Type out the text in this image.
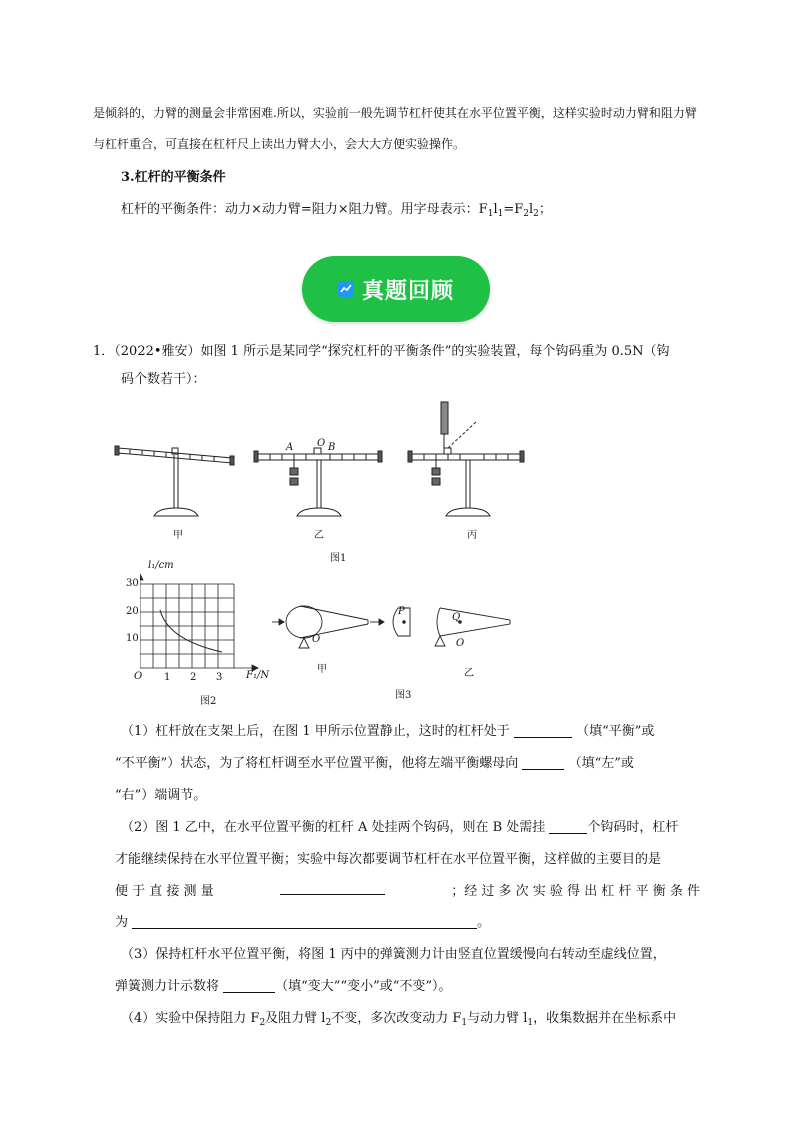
是倾斜的，力臂的测量会非常困难.所以，实验前一般先调节杠杆使其在水平位置平衡，这样实验时动力臂和阻力臂
与杠杆重合，可直接在杠杆尺上读出力臂大小，会大大方便实验操作。
3.杠杆的平衡条件
杠杆的平衡条件：动力×动力臂=阻力×阻力臂。用字母表示：$F_1l_1=F_2l_2$；
真题回顾
1．（2022•雅安）如图 1 所示是某同学“探究杠杆的平衡条件”的实验装置，每个钩码重为 0.5N（钩
码个数若干）：
A O B
甲	乙	丙
图1
l₁/cm
30
20
10
O 1 2 3 F₁/N
图2
O
P
Q
O
甲	乙
图3
（1）杠杆放在支架上后，在图 1 甲所示位置静止，这时的杠杆处于	（填“平衡”或
“不平衡”）状态，为了将杠杆调至水平位置平衡，他将左端平衡螺母向	（填“左”或
“右”）端调节。
（2）图 1 乙中，在水平位置平衡的杠杆 A 处挂两个钩码，则在 B 处需挂	个钩码时，杠杆
才能继续保持在水平位置平衡；实验中每次都要调节杠杆在水平位置平衡，这样做的主要目的是
便 于 直 接 测 量	；经 过 多 次 实 验 得 出 杠 杆 平 衡 条 件
为	。
（3）保持杠杆水平位置平衡，将图 1 丙中的弹簧测力计由竖直位置缓慢向右转动至虚线位置，
弹簧测力计示数将	（填“变大”“变小”或“不变”）。
（4）实验中保持阻力 $F_2$及阻力臂 $l_2$不变，多次改变动力 $F_1$与动力臂 $l_1$，收集数据并在坐标系中
